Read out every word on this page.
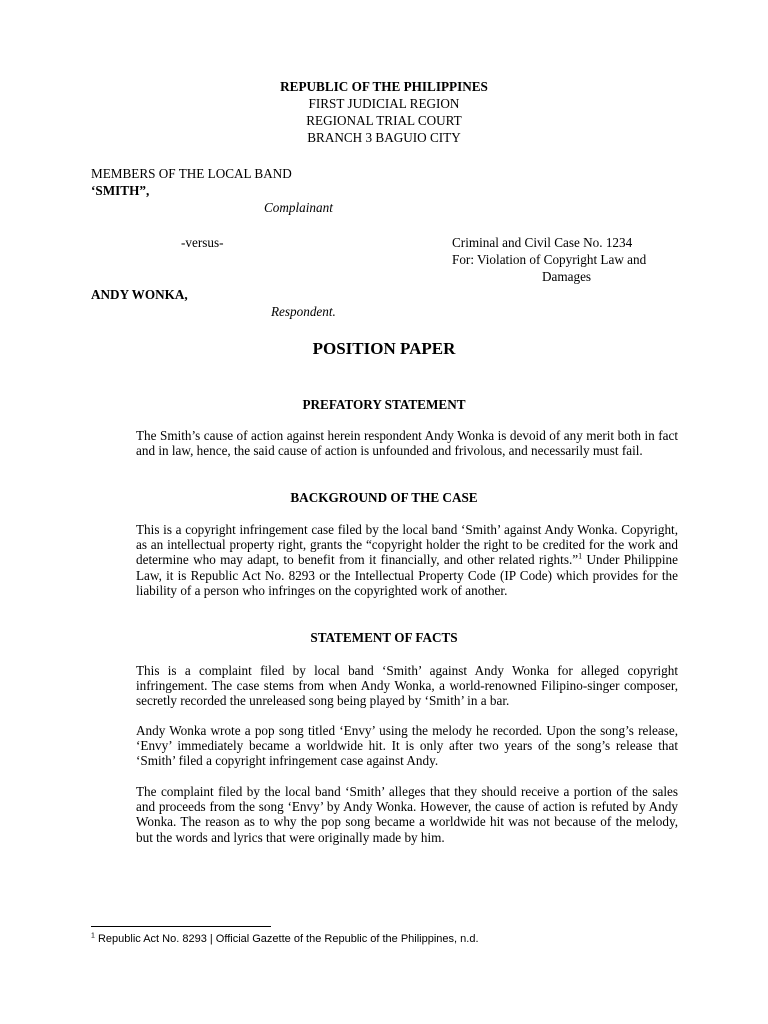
REPUBLIC OF THE PHILIPPINES
FIRST JUDICIAL REGION
REGIONAL TRIAL COURT
BRANCH 3 BAGUIO CITY
MEMBERS OF THE LOCAL BAND
‘SMITH”,
Complainant
-versus-	Criminal and Civil Case No. 1234
For: Violation of Copyright Law and
Damages
ANDY WONKA,
Respondent.
POSITION PAPER
PREFATORY STATEMENT

The Smith’s cause of action against herein respondent Andy Wonka is devoid of any merit both in fact and in law, hence, the said cause of action is unfounded and frivolous, and necessarily must fail.

BACKGROUND OF THE CASE

This is a copyright infringement case filed by the local band ‘Smith’ against Andy Wonka. Copyright, as an intellectual property right, grants the “copyright holder the right to be credited for the work and determine who may adapt, to benefit from it financially, and other related rights.”$^1$ Under Philippine Law, it is Republic Act No. 8293 or the Intellectual Property Code (IP Code) which provides for the liability of a person who infringes on the copyrighted work of another.

STATEMENT OF FACTS

This is a complaint filed by local band ‘Smith’ against Andy Wonka for alleged copyright infringement. The case stems from when Andy Wonka, a world-renowned Filipino-singer composer, secretly recorded the unreleased song being played by ‘Smith’ in a bar.

Andy Wonka wrote a pop song titled ‘Envy’ using the melody he recorded. Upon the song’s release, ‘Envy’ immediately became a worldwide hit. It is only after two years of the song’s release that ‘Smith’ filed a copyright infringement case against Andy.

The complaint filed by the local band ‘Smith’ alleges that they should receive a portion of the sales and proceeds from the song ‘Envy’ by Andy Wonka. However, the cause of action is refuted by Andy Wonka. The reason as to why the pop song became a worldwide hit was not because of the melody, but the words and lyrics that were originally made by him.

$^1$ Republic Act No. 8293 | Official Gazette of the Republic of the Philippines, n.d.
